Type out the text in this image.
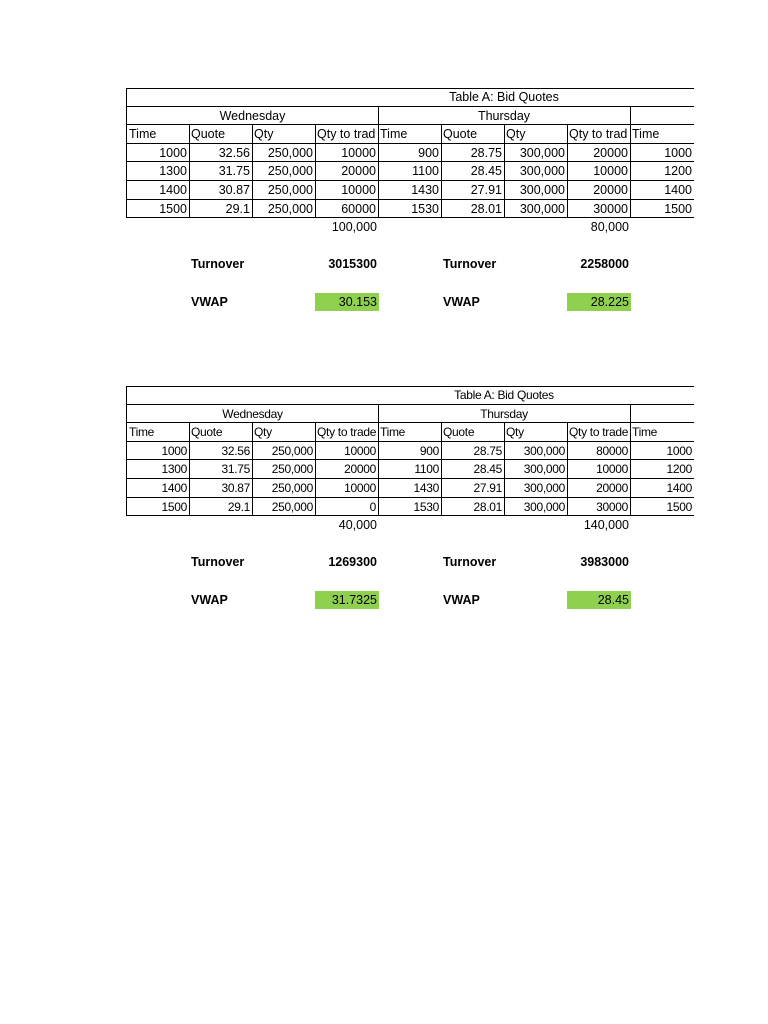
Table A: Bid Quotes
Wednesday	Thursday
Time	Quote	Qty	Qty to trad Time	Quote	Qty	Qty to trad Time
1000	32.56	250,000	10000	900	28.75	300,000	20000	1000
1300	31.75	250,000	20000	1100	28.45	300,000	10000	1200
1400	30.87	250,000	10000	1430	27.91	300,000	20000	1400
1500	29.1	250,000	60000	1530	28.01	300,000	30000	1500
100,000	80,000
Turnover	3015300	Turnover	2258000
VWAP	30.153	VWAP	28.225
Table A: Bid Quotes
Wednesday	Thursday
Time	Quote	Qty	Qty to trade Time	Quote	Qty	Qty to trade Time
1000	32.56	250,000	10000	900	28.75	300,000	80000	1000
1300	31.75	250,000	20000	1100	28.45	300,000	10000	1200
1400	30.87	250,000	10000	1430	27.91	300,000	20000	1400
1500	29.1	250,000	0	1530	28.01	300,000	30000	1500
40,000	140,000
Turnover	1269300	Turnover	3983000
VWAP	31.7325	VWAP	28.45
